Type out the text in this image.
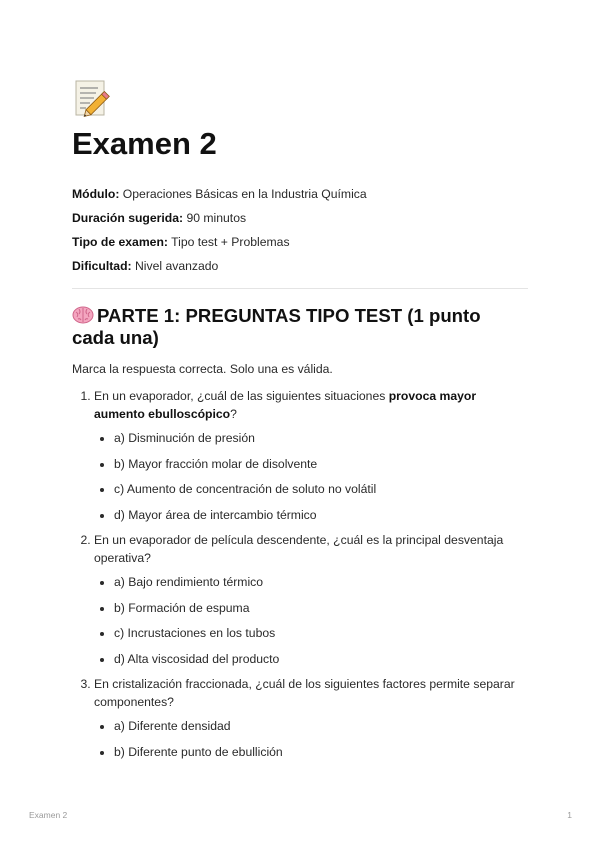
Examen 2
Módulo: Operaciones Básicas en la Industria Química
Duración sugerida: 90 minutos
Tipo de examen: Tipo test + Problemas
Dificultad: Nivel avanzado
PARTE 1: PREGUNTAS TIPO TEST (1 punto cada una)
Marca la respuesta correcta. Solo una es válida.
1. En un evaporador, ¿cuál de las siguientes situaciones provoca mayor aumento ebulloscópico?
• a) Disminución de presión
• b) Mayor fracción molar de disolvente
• c) Aumento de concentración de soluto no volátil
• d) Mayor área de intercambio térmico
2. En un evaporador de película descendente, ¿cuál es la principal desventaja operativa?
• a) Bajo rendimiento térmico
• b) Formación de espuma
• c) Incrustaciones en los tubos
• d) Alta viscosidad del producto
3. En cristalización fraccionada, ¿cuál de los siguientes factores permite separar componentes?
• a) Diferente densidad
• b) Diferente punto de ebullición
Examen 2	1
